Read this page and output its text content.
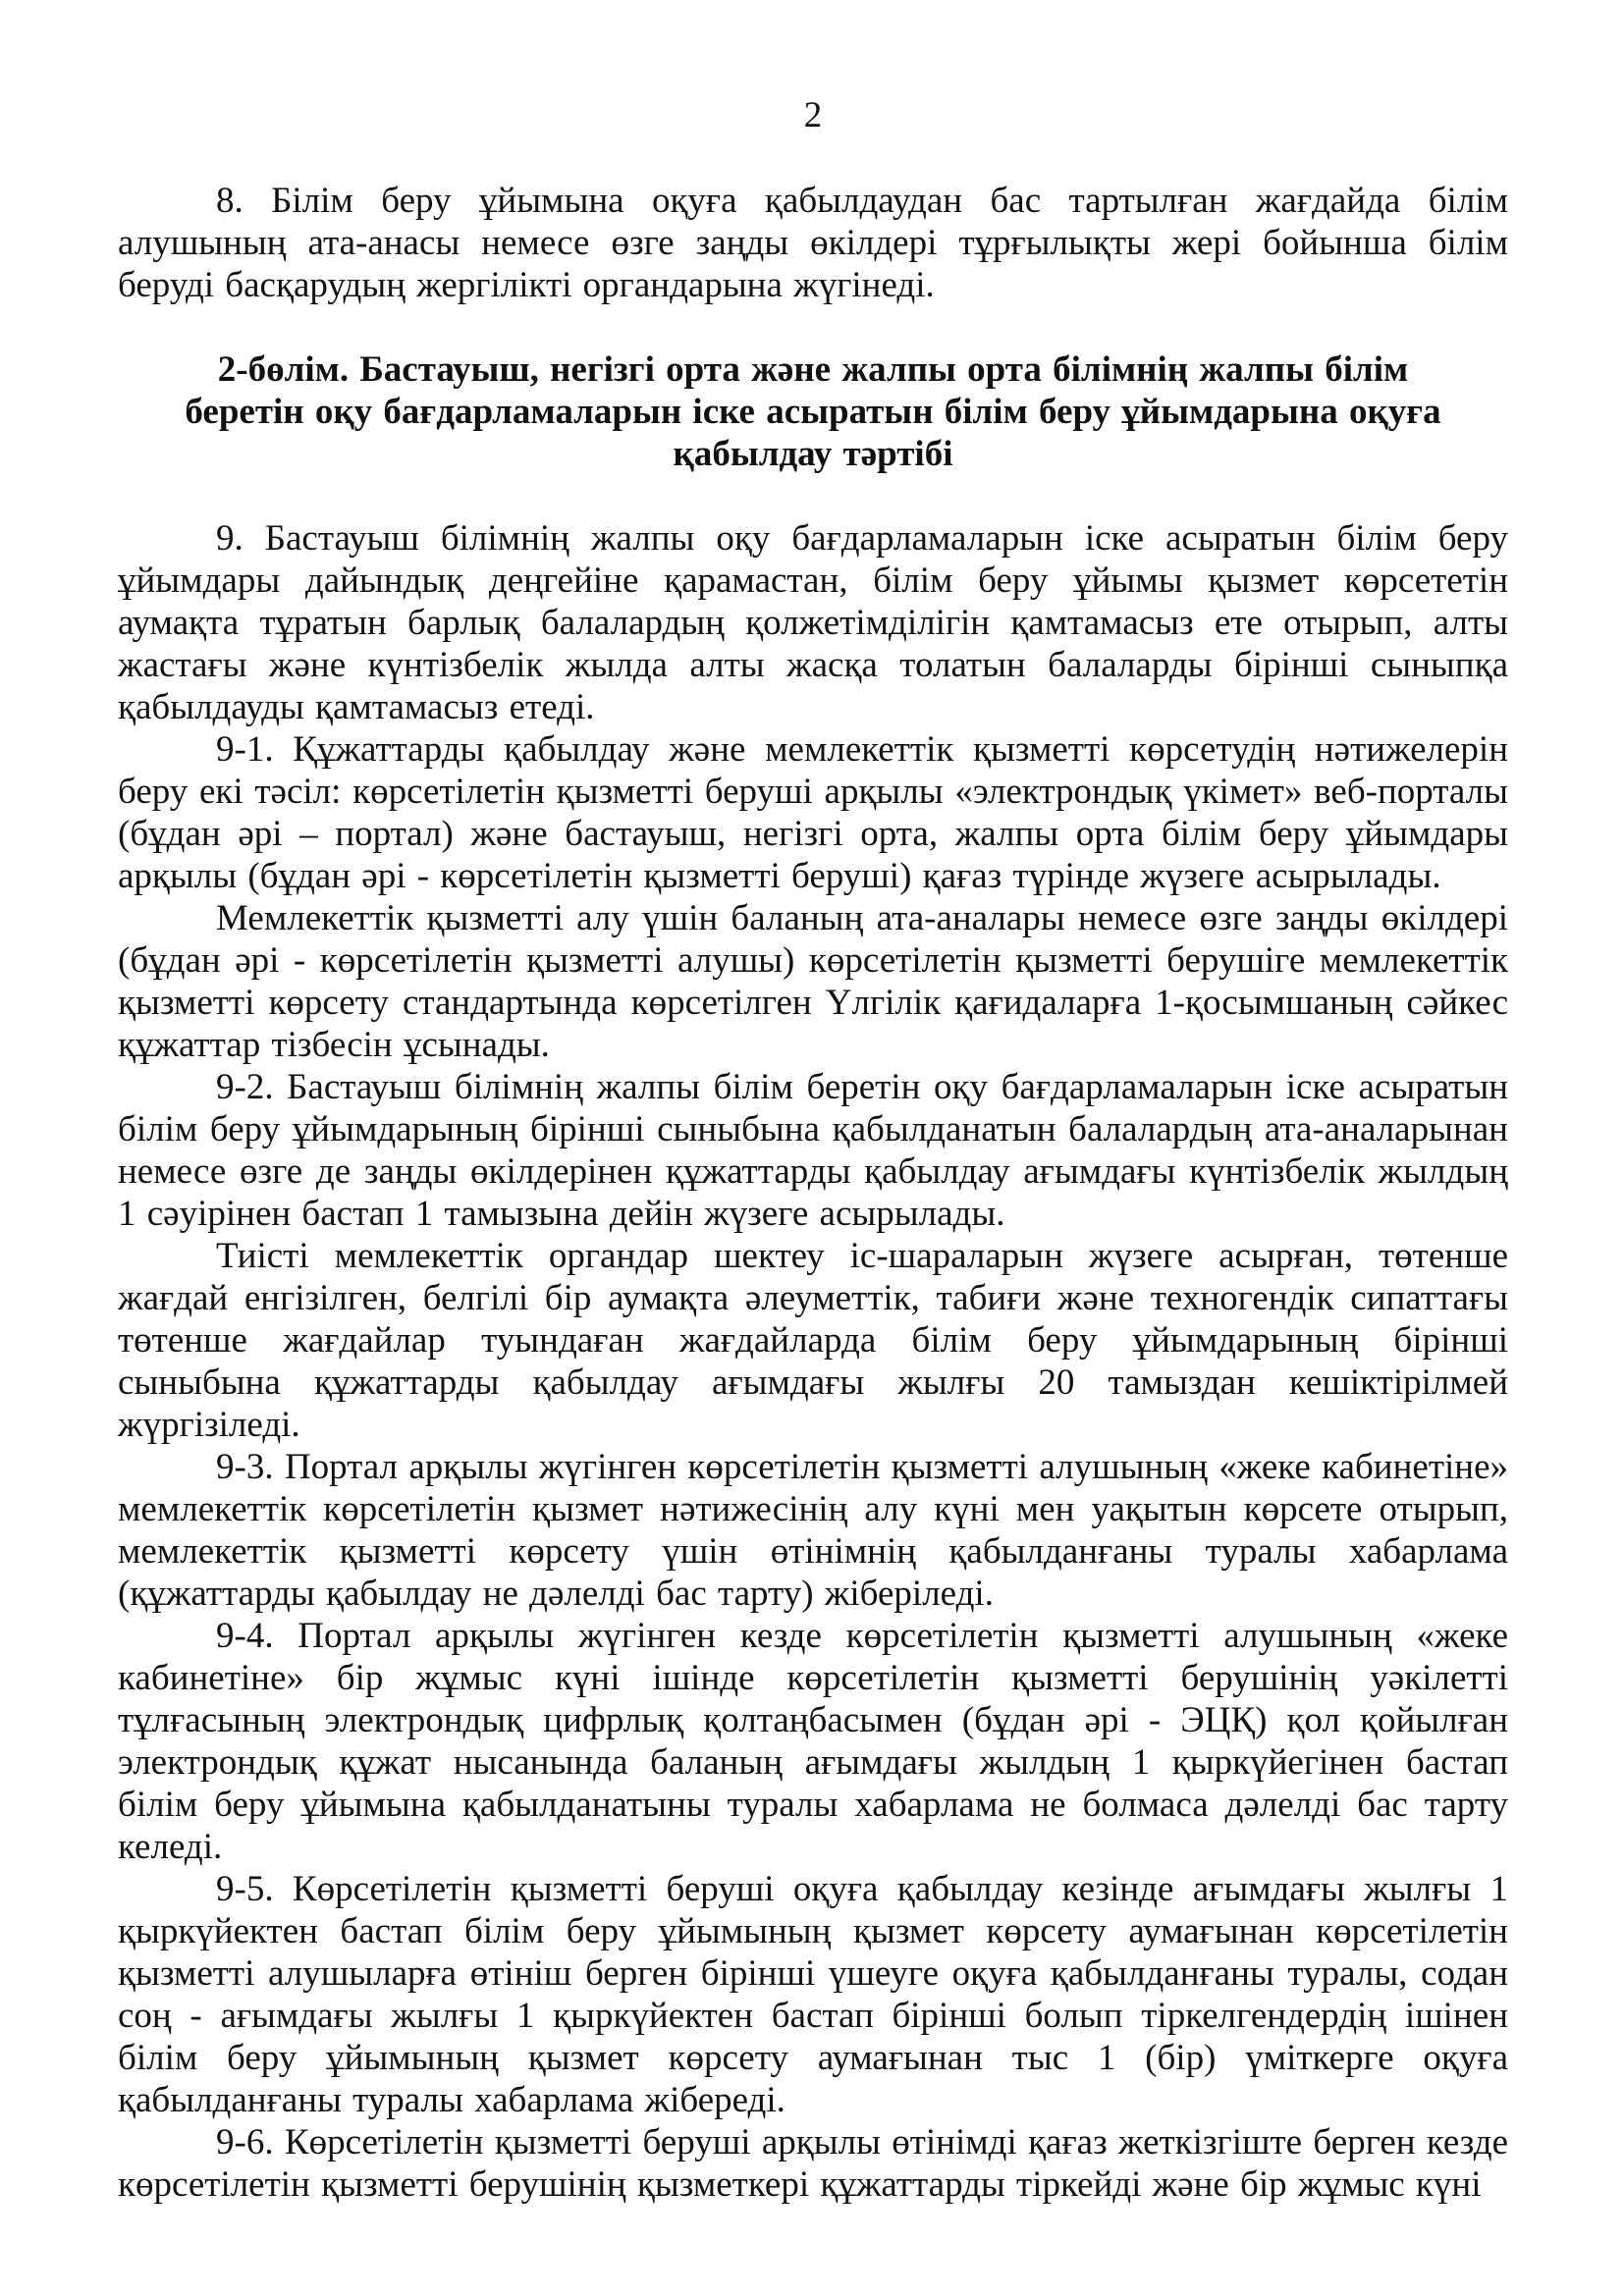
2

8. Білім беру ұйымына оқуға қабылдаудан бас тартылған жағдайда білім алушының ата-анасы немесе өзге заңды өкілдері тұрғылықты жері бойынша білім беруді басқарудың жергілікті органдарына жүгінеді.

2-бөлім. Бастауыш, негізгі орта және жалпы орта білімнің жалпы білім беретін оқу бағдарламаларын іске асыратын білім беру ұйымдарына оқуға қабылдау тәртібі

9. Бастауыш білімнің жалпы оқу бағдарламаларын іске асыратын білім беру ұйымдары дайындық деңгейіне қарамастан, білім беру ұйымы қызмет көрсететін аумақта тұратын барлық балалардың қолжетімділігін қамтамасыз ете отырып, алты жастағы және күнтізбелік жылда алты жасқа толатын балаларды бірінші сыныпқа қабылдауды қамтамасыз етеді.

9-1. Құжаттарды қабылдау және мемлекеттік қызметті көрсетудің нәтижелерін беру екі тәсіл: көрсетілетін қызметті беруші арқылы «электрондық үкімет» веб-порталы (бұдан әрі – портал) және бастауыш, негізгі орта, жалпы орта білім беру ұйымдары арқылы (бұдан әрі - көрсетілетін қызметті беруші) қағаз түрінде жүзеге асырылады.

Мемлекеттік қызметті алу үшін баланың ата-аналары немесе өзге заңды өкілдері (бұдан әрі - көрсетілетін қызметті алушы) көрсетілетін қызметті берушіге мемлекеттік қызметті көрсету стандартында көрсетілген Үлгілік қағидаларға 1-қосымшаның сәйкес құжаттар тізбесін ұсынады.

9-2. Бастауыш білімнің жалпы білім беретін оқу бағдарламаларын іске асыратын білім беру ұйымдарының бірінші сыныбына қабылданатын балалардың ата-аналарынан немесе өзге де заңды өкілдерінен құжаттарды қабылдау ағымдағы күнтізбелік жылдың 1 сәуірінен бастап 1 тамызына дейін жүзеге асырылады.

Тиісті мемлекеттік органдар шектеу іс-шараларын жүзеге асырған, төтенше жағдай енгізілген, белгілі бір аумақта әлеуметтік, табиғи және техногендік сипаттағы төтенше жағдайлар туындаған жағдайларда білім беру ұйымдарының бірінші сыныбына құжаттарды қабылдау ағымдағы жылғы 20 тамыздан кешіктірілмей жүргізіледі.

9-3. Портал арқылы жүгінген көрсетілетін қызметті алушының «жеке кабинетіне» мемлекеттік көрсетілетін қызмет нәтижесінің алу күні мен уақытын көрсете отырып, мемлекеттік қызметті көрсету үшін өтінімнің қабылданғаны туралы хабарлама (құжаттарды қабылдау не дәлелді бас тарту) жіберіледі.

9-4. Портал арқылы жүгінген кезде көрсетілетін қызметті алушының «жеке кабинетіне» бір жұмыс күні ішінде көрсетілетін қызметті берушінің уәкілетті тұлғасының электрондық цифрлық қолтаңбасымен (бұдан әрі - ЭЦҚ) қол қойылған электрондық құжат нысанында баланың ағымдағы жылдың 1 қыркүйегінен бастап білім беру ұйымына қабылданатыны туралы хабарлама не болмаса дәлелді бас тарту келеді.

9-5. Көрсетілетін қызметті беруші оқуға қабылдау кезінде ағымдағы жылғы 1 қыркүйектен бастап білім беру ұйымының қызмет көрсету аумағынан көрсетілетін қызметті алушыларға өтініш берген бірінші үшеуге оқуға қабылданғаны туралы, содан соң - ағымдағы жылғы 1 қыркүйектен бастап бірінші болып тіркелгендердің ішінен білім беру ұйымының қызмет көрсету аумағынан тыс 1 (бір) үміткерге оқуға қабылданғаны туралы хабарлама жібереді.

9-6. Көрсетілетін қызметті беруші арқылы өтінімді қағаз жеткізгіште берген кезде көрсетілетін қызметті берушінің қызметкері құжаттарды тіркейді және бір жұмыс күні
